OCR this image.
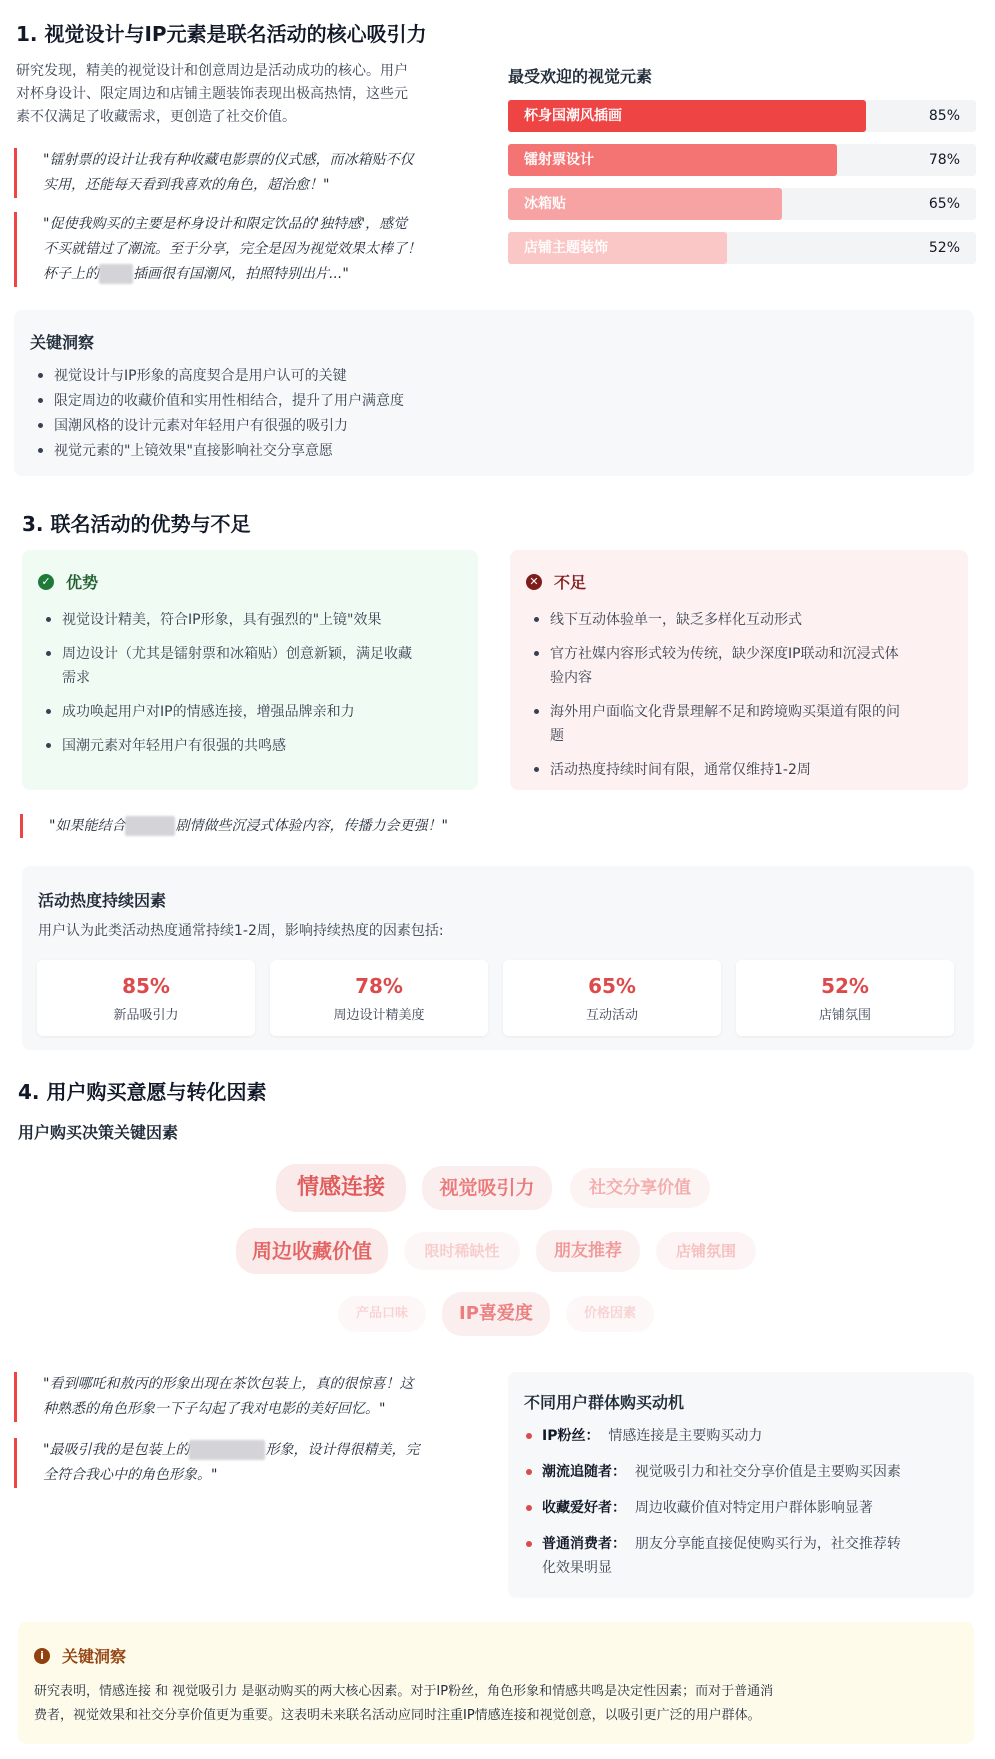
1. 视觉设计与IP元素是联名活动的核心吸引力
研究发现，精美的视觉设计和创意周边是活动成功的核心。用户
对杯身设计、限定周边和店铺主题装饰表现出极高热情，这些元
素不仅满足了收藏需求，更创造了社交价值。
"镭射票的设计让我有种收藏电影票的仪式感，而冰箱贴不仅
实用，还能每天看到我喜欢的角色，超治愈！"
"促使我购买的主要是杯身设计和限定饮品的'独特感'，感觉
不买就错过了潮流。至于分享，完全是因为视觉效果太棒了！
杯子上的 插画很有国潮风，拍照特别出片..."
最受欢迎的视觉元素
杯身国潮风插画	85%
镭射票设计	78%
冰箱贴	65%
店铺主题装饰	52%
关键洞察
视觉设计与IP形象的高度契合是用户认可的关键
限定周边的收藏价值和实用性相结合，提升了用户满意度
国潮风格的设计元素对年轻用户有很强的吸引力
视觉元素的"上镜效果"直接影响社交分享意愿
3. 联名活动的优势与不足
✓ 优势
视觉设计精美，符合IP形象，具有强烈的"上镜"效果
周边设计（尤其是镭射票和冰箱贴）创意新颖，满足收藏
需求
成功唤起用户对IP的情感连接，增强品牌亲和力
国潮元素对年轻用户有很强的共鸣感
✕ 不足
线下互动体验单一，缺乏多样化互动形式
官方社媒内容形式较为传统，缺少深度IP联动和沉浸式体
验内容
海外用户面临文化背景理解不足和跨境购买渠道有限的问
题
活动热度持续时间有限，通常仅维持1-2周
"如果能结合	剧情做些沉浸式体验内容，传播力会更强！"
活动热度持续因素
用户认为此类活动热度通常持续1-2周，影响持续热度的因素包括:
85%
新品吸引力
78%
周边设计精美度
65%
互动活动
52%
店铺氛围
4. 用户购买意愿与转化因素
用户购买决策关键因素
情感连接	视觉吸引力	社交分享价值
周边收藏价值	限时稀缺性	朋友推荐	店铺氛围
产品口味	IP喜爱度	价格因素
"看到哪吒和敖丙的形象出现在茶饮包装上，真的很惊喜！这
种熟悉的角色形象一下子勾起了我对电影的美好回忆。"
"最吸引我的是包装上的	形象，设计得很精美，完
全符合我心中的角色形象。"
不同用户群体购买动机
IP粉丝： 情感连接是主要购买动力
潮流追随者： 视觉吸引力和社交分享价值是主要购买因素
收藏爱好者： 周边收藏价值对特定用户群体影响显著
普通消费者： 朋友分享能直接促使购买行为，社交推荐转
化效果明显
i	关键洞察
研究表明，情感连接 和 视觉吸引力 是驱动购买的两大核心因素。对于IP粉丝，角色形象和情感共鸣是决定性因素；而对于普通消
费者，视觉效果和社交分享价值更为重要。这表明未来联名活动应同时注重IP情感连接和视觉创意，以吸引更广泛的用户群体。
